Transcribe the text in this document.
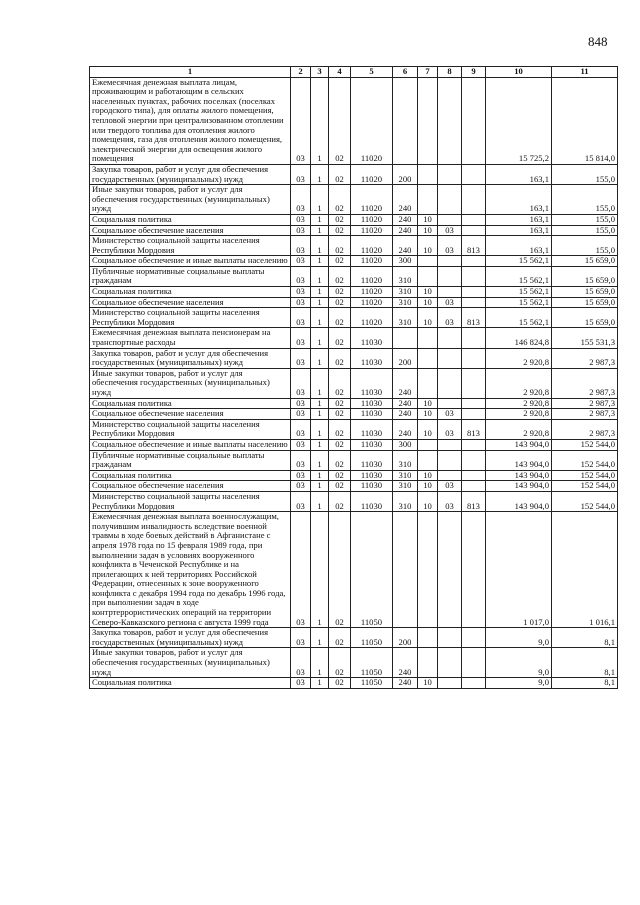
848
1	2	3	4	5	6	7	8	9	10	11
Ежемесячная денежная выплата лицам, проживающим и работающим в сельских населенных пунктах, рабочих поселках (поселках городского типа), для оплаты жилого помещения, тепловой энергии при централизованном отоплении или твердого топлива для отопления жилого помещения, газа для отопления жилого помещения, электрической энергии для освещения жилого помещения	03	1	02	11020					15 725,2	15 814,0
Закупка товаров, работ и услуг для обеспечения государственных (муниципальных) нужд	03	1	02	11020	200				163,1	155,0
Иные закупки товаров, работ и услуг для обеспечения государственных (муниципальных) нужд	03	1	02	11020	240				163,1	155,0
Социальная политика	03	1	02	11020	240	10			163,1	155,0
Социальное обеспечение населения	03	1	02	11020	240	10	03		163,1	155,0
Министерство социальной защиты населения Республики Мордовия	03	1	02	11020	240	10	03	813	163,1	155,0
Социальное обеспечение и иные выплаты населению	03	1	02	11020	300				15 562,1	15 659,0
Публичные нормативные социальные выплаты гражданам	03	1	02	11020	310				15 562,1	15 659,0
Социальная политика	03	1	02	11020	310	10			15 562,1	15 659,0
Социальное обеспечение населения	03	1	02	11020	310	10	03		15 562,1	15 659,0
Министерство социальной защиты населения Республики Мордовия	03	1	02	11020	310	10	03	813	15 562,1	15 659,0
Ежемесячная денежная выплата пенсионерам на транспортные расходы	03	1	02	11030					146 824,8	155 531,3
Закупка товаров, работ и услуг для обеспечения государственных (муниципальных) нужд	03	1	02	11030	200				2 920,8	2 987,3
Иные закупки товаров, работ и услуг для обеспечения государственных (муниципальных) нужд	03	1	02	11030	240				2 920,8	2 987,3
Социальная политика	03	1	02	11030	240	10			2 920,8	2 987,3
Социальное обеспечение населения	03	1	02	11030	240	10	03		2 920,8	2 987,3
Министерство социальной защиты населения Республики Мордовия	03	1	02	11030	240	10	03	813	2 920,8	2 987,3
Социальное обеспечение и иные выплаты населению	03	1	02	11030	300				143 904,0	152 544,0
Публичные нормативные социальные выплаты гражданам	03	1	02	11030	310				143 904,0	152 544,0
Социальная политика	03	1	02	11030	310	10			143 904,0	152 544,0
Социальное обеспечение населения	03	1	02	11030	310	10	03		143 904,0	152 544,0
Министерство социальной защиты населения Республики Мордовия	03	1	02	11030	310	10	03	813	143 904,0	152 544,0
Ежемесячная денежная выплата военнослужащим, получившим инвалидность вследствие военной травмы в ходе боевых действий в Афганистане с апреля 1978 года по 15 февраля 1989 года, при выполнении задач в условиях вооруженного конфликта в Чеченской Республике и на прилегающих к ней территориях Российской Федерации, отнесенных к зоне вооруженного конфликта с декабря 1994 года по декабрь 1996 года, при выполнении задач в ходе контртеррористических операций на территории Северо-Кавказского региона с августа 1999 года	03	1	02	11050					1 017,0	1 016,1
Закупка товаров, работ и услуг для обеспечения государственных (муниципальных) нужд	03	1	02	11050	200				9,0	8,1
Иные закупки товаров, работ и услуг для обеспечения государственных (муниципальных) нужд	03	1	02	11050	240				9,0	8,1
Социальная политика	03	1	02	11050	240	10			9,0	8,1
